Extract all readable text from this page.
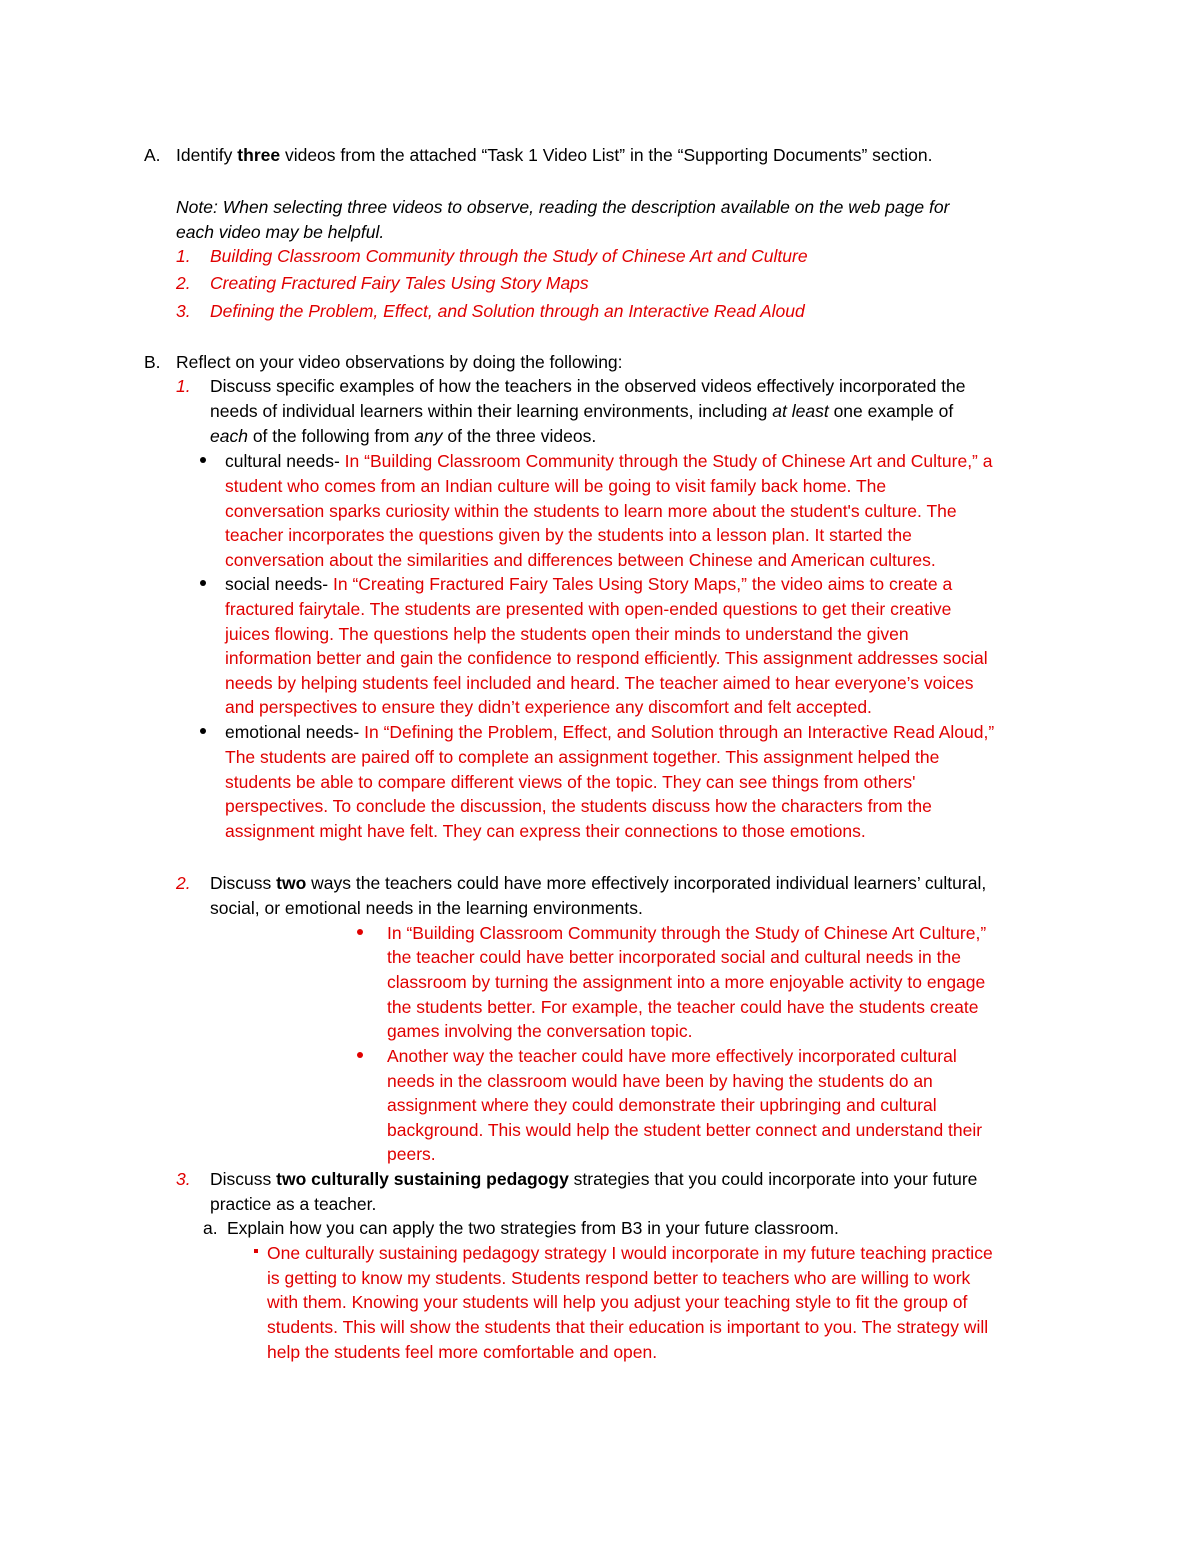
A. Identify three videos from the attached “Task 1 Video List” in the “Supporting Documents” section.
Note: When selecting three videos to observe, reading the description available on the web page for
each video may be helpful.
1. Building Classroom Community through the Study of Chinese Art and Culture
2. Creating Fractured Fairy Tales Using Story Maps
3. Defining the Problem, Effect, and Solution through an Interactive Read Aloud
B. Reflect on your video observations by doing the following:
1. Discuss specific examples of how the teachers in the observed videos effectively incorporated the
needs of individual learners within their learning environments, including at least one example of
each of the following from any of the three videos.
cultural needs- In “Building Classroom Community through the Study of Chinese Art and Culture,” a
student who comes from an Indian culture will be going to visit family back home. The
conversation sparks curiosity within the students to learn more about the student's culture. The
teacher incorporates the questions given by the students into a lesson plan. It started the
conversation about the similarities and differences between Chinese and American cultures.
social needs- In “Creating Fractured Fairy Tales Using Story Maps,” the video aims to create a
fractured fairytale. The students are presented with open-ended questions to get their creative
juices flowing. The questions help the students open their minds to understand the given
information better and gain the confidence to respond efficiently. This assignment addresses social
needs by helping students feel included and heard. The teacher aimed to hear everyone’s voices
and perspectives to ensure they didn’t experience any discomfort and felt accepted.
emotional needs- In “Defining the Problem, Effect, and Solution through an Interactive Read Aloud,”
The students are paired off to complete an assignment together. This assignment helped the
students be able to compare different views of the topic. They can see things from others'
perspectives. To conclude the discussion, the students discuss how the characters from the
assignment might have felt. They can express their connections to those emotions.
2. Discuss two ways the teachers could have more effectively incorporated individual learners’ cultural,
social, or emotional needs in the learning environments.
In “Building Classroom Community through the Study of Chinese Art Culture,”
the teacher could have better incorporated social and cultural needs in the
classroom by turning the assignment into a more enjoyable activity to engage
the students better. For example, the teacher could have the students create
games involving the conversation topic.
Another way the teacher could have more effectively incorporated cultural
needs in the classroom would have been by having the students do an
assignment where they could demonstrate their upbringing and cultural
background. This would help the student better connect and understand their
peers.
3. Discuss two culturally sustaining pedagogy strategies that you could incorporate into your future
practice as a teacher.
a. Explain how you can apply the two strategies from B3 in your future classroom.
One culturally sustaining pedagogy strategy I would incorporate in my future teaching practice
is getting to know my students. Students respond better to teachers who are willing to work
with them. Knowing your students will help you adjust your teaching style to fit the group of
students. This will show the students that their education is important to you. The strategy will
help the students feel more comfortable and open.
